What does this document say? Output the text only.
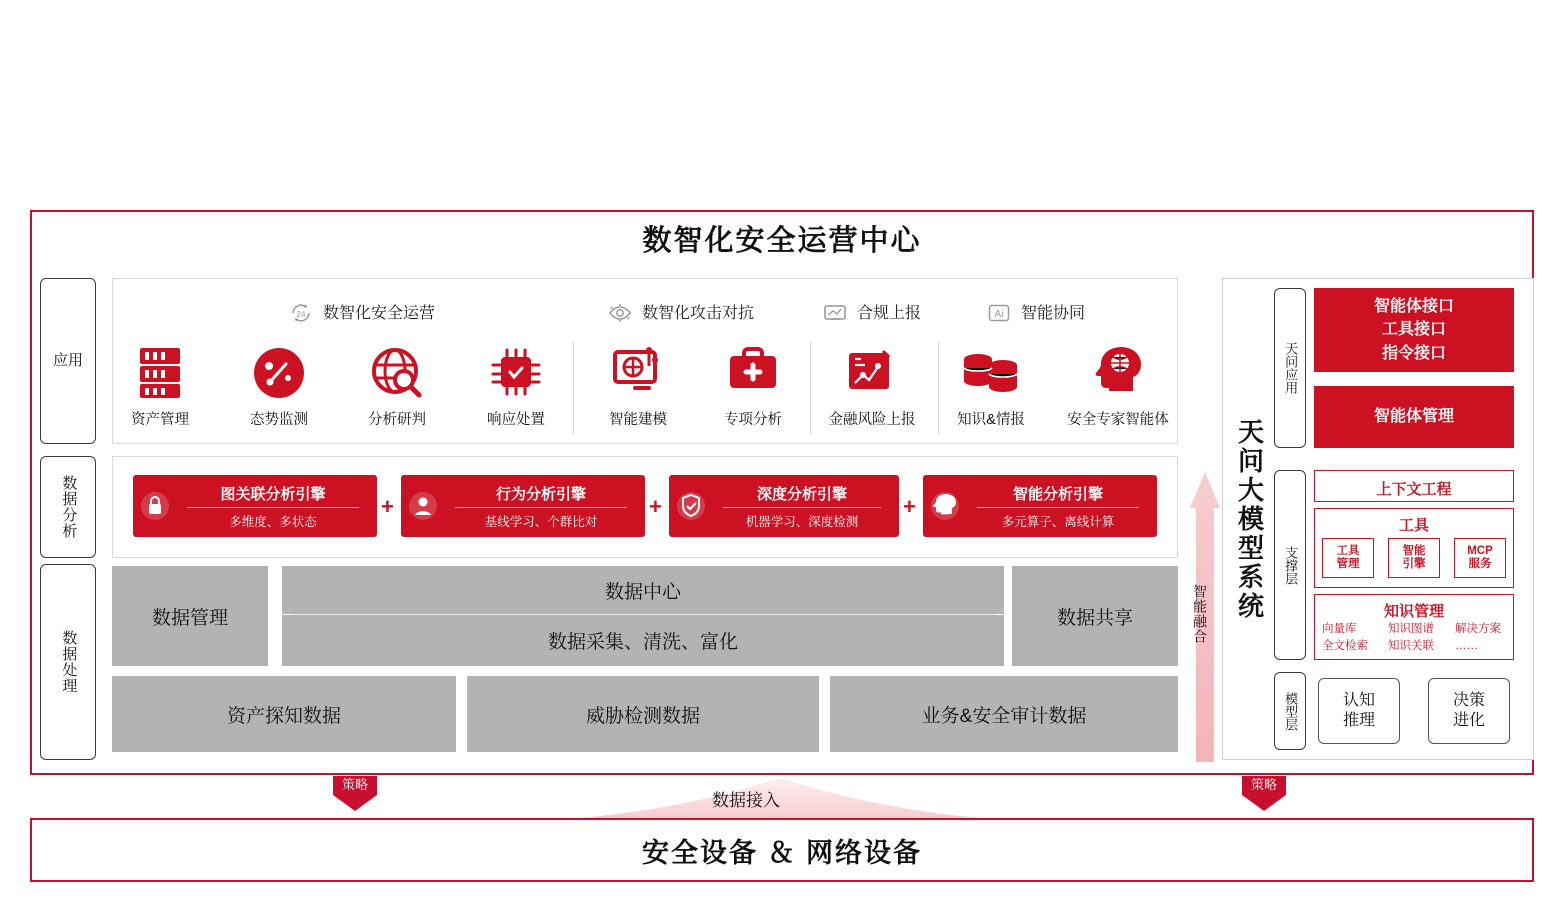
数智化安全运营中心
应用
数据分析
数据处理
24 数智化安全运营	数智化攻击对抗	合规上报	Ai 智能协同
资产管理	态势监测	分析研判	响应处置	智能建模	专项分析	金融风险上报	知识&情报	安全专家智能体
图关联分析引擎
多维度、多状态
+	行为分析引擎
基线学习、个群比对
+	深度分析引擎
机器学习、深度检测
+	智能分析引擎
多元算子、离线计算
数据管理
数据中心
数据采集、清洗、富化
数据共享
资产探知数据	威胁检测数据	业务&安全审计数据
智能融合 天问大模型系统
天问应用
智能体接口
工具接口
指令接口
智能体管理
支撑层
上下文工程
工具
工具
管理
智能
引擎
MCP
服务
知识管理
向量库
全文检索
知识图谱
知识关联
解决方案
……
模型层	认知
推理
决策
进化
数据接入
策略	策略
安全设备 ＆ 网络设备
